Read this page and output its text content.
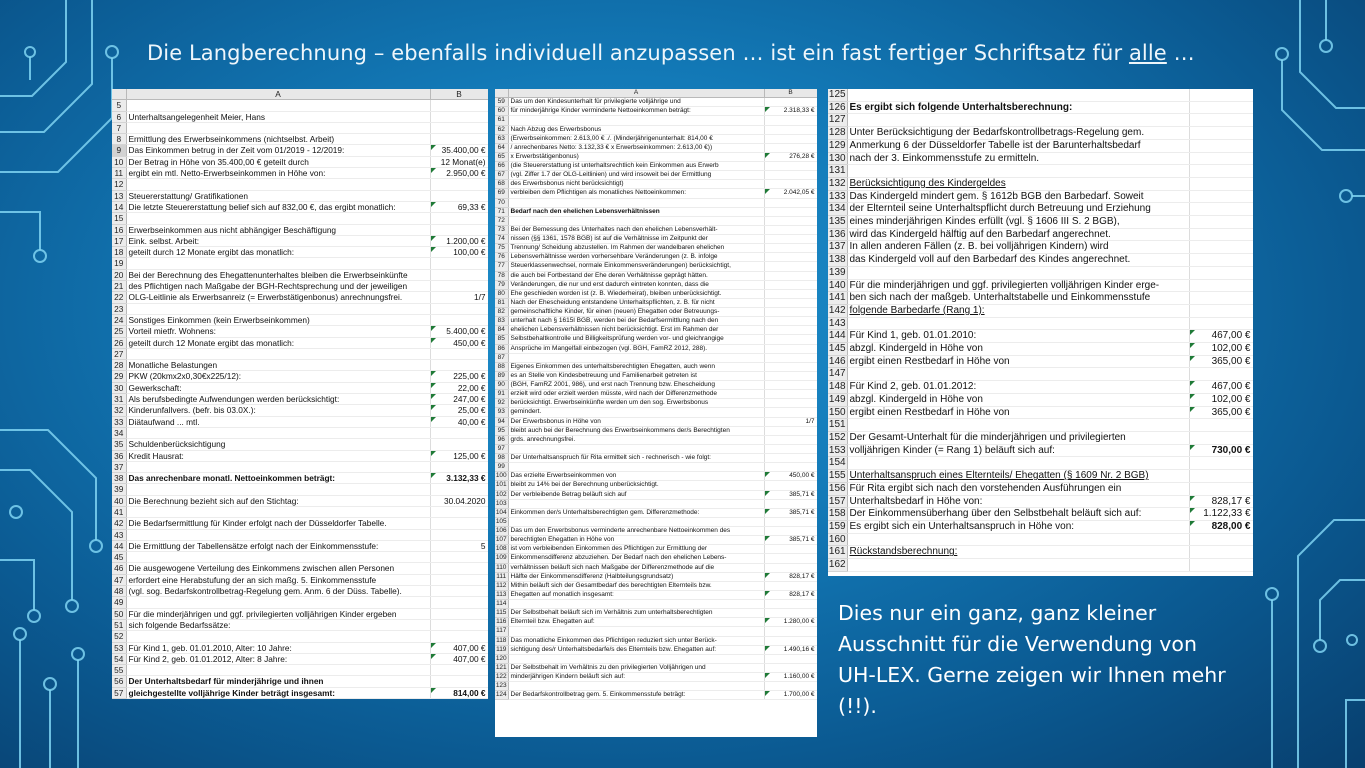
Die Langberechnung – ebenfalls individuell anzupassen … ist ein fast fertiger Schriftsatz für alle …
	A	B
5		
6	Unterhaltsangelegenheit Meier, Hans	
7		
8	Ermittlung des Erwerbseinkommens (nichtselbst. Arbeit)	
9	Das Einkommen betrug in der Zeit vom 01/2019 - 12/2019:	35.400,00 €
10	Der Betrag in Höhe von 35.400,00 € geteilt durch	12 Monat(e)
11	ergibt ein mtl. Netto-Erwerbseinkommen in Höhe von:	2.950,00 €
12		
13	Steuererstattung/ Gratifikationen	
14	Die letzte Steuererstattung belief sich auf 832,00 €, das ergibt monatlich:	69,33 €
15		
16	Erwerbseinkommen aus nicht abhängiger Beschäftigung	
17	Eink. selbst. Arbeit:	1.200,00 €
18	geteilt durch 12 Monate ergibt das monatlich:	100,00 €
19		
20	Bei der Berechnung des Ehegattenunterhaltes bleiben die Erwerbseinkünfte	
21	des Pflichtigen nach Maßgabe der BGH-Rechtsprechung und der jeweiligen	
22	OLG-Leitlinie als Erwerbsanreiz (= Erwerbstätigenbonus) anrechnungsfrei.	1/7
23		
24	Sonstiges Einkommen (kein Erwerbseinkommen)	
25	Vorteil mietfr. Wohnens:	5.400,00 €
26	geteilt durch 12 Monate ergibt das monatlich:	450,00 €
27		
28	Monatliche Belastungen	
29	PKW (20kmx2x0,30€x225/12):	225,00 €
30	Gewerkschaft:	22,00 €
31	Als berufsbedingte Aufwendungen werden berücksichtigt:	247,00 €
32	Kinderunfallvers. (befr. bis 03.0X.):	25,00 €
33	Diätaufwand ... mtl.	40,00 €
34		
35	Schuldenberücksichtigung	
36	Kredit Hausrat:	125,00 €
37		
38	Das anrechenbare monatl. Nettoeinkommen beträgt:	3.132,33 €
39		
40	Die Berechnung bezieht sich auf den Stichtag:	30.04.2020
41		
42	Die Bedarfsermittlung für Kinder erfolgt nach der Düsseldorfer Tabelle.	
43		
44	Die Ermittlung der Tabellensätze erfolgt nach der Einkommensstufe:	5
45		
46	Die ausgewogene Verteilung des Einkommens zwischen allen Personen	
47	erfordert eine Herabstufung der an sich maßg. 5. Einkommensstufe	
48	(vgl. sog. Bedarfskontrollbetrag-Regelung gem. Anm. 6 der Düss. Tabelle).	
49		
50	Für die minderjährigen und ggf. privilegierten volljährigen Kinder ergeben	
51	sich folgende Bedarfssätze:	
52		
53	Für Kind 1, geb. 01.01.2010, Alter: 10 Jahre:	407,00 €
54	Für Kind 2, geb. 01.01.2012, Alter: 8 Jahre:	407,00 €
55		
56	Der Unterhaltsbedarf für minderjährige und ihnen	
57	gleichgestellte volljährige Kinder beträgt insgesamt:	814,00 €
	A	B
59	Das um den Kindesunterhalt für privilegierte volljährige und	
60	für minderjährige Kinder verminderte Nettoeinkommen beträgt:	2.318,33 €
61		
62	Nach Abzug des Erwerbsbonus	
63	(Erwerbseinkommen: 2.613,00 € ./. (Minderjährigenunterhalt: 814,00 €	
64	/ anrechenbares Netto: 3.132,33 € x Erwerbseinkommen: 2.613,00 €))	
65	x Erwerbstätigenbonus)	276,28 €
66	(die Steuererstattung ist unterhaltsrechtlich kein Einkommen aus Erwerb	
67	(vgl. Ziffer 1.7 der OLG-Leitlinien) und wird insoweit bei der Ermittlung	
68	des Erwerbsbonus nicht berücksichtigt)	
69	verbleiben dem Pflichtigen als monatliches Nettoeinkommen:	2.042,05 €
70		
71	Bedarf nach den ehelichen Lebensverhältnissen	
72		
73	Bei der Bemessung des Unterhaltes nach den ehelichen Lebensverhält-	
74	nissen (§§ 1361, 1578 BGB) ist auf die Verhältnisse im Zeitpunkt der	
75	Trennung/ Scheidung abzustellen. Im Rahmen der wandelbaren ehelichen	
76	Lebensverhältnisse werden vorhersehbare Veränderungen (z. B. infolge	
77	Steuerklassenwechsel, normale Einkommensveränderungen) berücksichtigt,	
78	die auch bei Fortbestand der Ehe deren Verhältnisse geprägt hätten.	
79	Veränderungen, die nur und erst dadurch eintreten konnten, dass die	
80	Ehe geschieden worden ist (z. B. Wiederheirat), bleiben unberücksichtigt.	
81	Nach der Ehescheidung entstandene Unterhaltspflichten, z. B. für nicht	
82	gemeinschaftliche Kinder, für einen (neuen) Ehegatten oder Betreuungs-	
83	unterhalt nach § 1615l BGB, werden bei der Bedarfsermittlung nach den	
84	ehelichen Lebensverhältnissen nicht berücksichtigt. Erst im Rahmen der	
85	Selbstbehaltkontrolle und Billigkeitsprüfung werden vor- und gleichrangige	
86	Ansprüche im Mangelfall einbezogen (vgl. BGH, FamRZ 2012, 288).	
87		
88	Eigenes Einkommen des unterhaltsberechtigten Ehegatten, auch wenn	
89	es an Stelle von Kindesbetreuung und Familienarbeit getreten ist	
90	(BGH, FamRZ 2001, 986), und erst nach Trennung bzw. Ehescheidung	
91	erzielt wird oder erzielt werden müsste, wird nach der Differenzmethode	
92	berücksichtigt. Erwerbseinkünfte werden um den sog. Erwerbsbonus	
93	gemindert.	
94	Der Erwerbsbonus in Höhe von	1/7
95	bleibt auch bei der Berechnung des Erwerbseinkommens der/s Berechtigten	
96	grds. anrechnungsfrei.	
97		
98	Der Unterhaltsanspruch für Rita ermittelt sich - rechnerisch - wie folgt:	
99		
100	Das erzielte Erwerbseinkommen von	450,00 €
101	bleibt zu 14% bei der Berechnung unberücksichtigt.	
102	Der verbleibende Betrag beläuft sich auf	385,71 €
103		
104	Einkommen der/s Unterhaltsberechtigten gem. Differenzmethode:	385,71 €
105		
106	Das um den Erwerbsbonus verminderte anrechenbare Nettoeinkommen des	
107	berechtigten Ehegatten in Höhe von	385,71 €
108	ist vom verbleibenden Einkommen des Pflichtigen zur Ermittlung der	
109	Einkommensdifferenz abzuziehen. Der Bedarf nach den ehelichen Lebens-	
110	verhältnissen beläuft sich nach Maßgabe der Differenzmethode auf die	
111	Hälfte der Einkommensdifferenz (Halbteilungsgrundsatz)	828,17 €
112	Mithin beläuft sich der Gesamtbedarf des berechtigten Elternteils bzw.	
113	Ehegatten auf monatlich insgesamt:	828,17 €
114		
115	Der Selbstbehalt beläuft sich im Verhältnis zum unterhaltsberechtigten	
116	Elternteil bzw. Ehegatten auf:	1.280,00 €
117		
118	Das monatliche Einkommen des Pflichtigen reduziert sich unter Berück-	
119	sichtigung des/r Unterhaltsbedarfe/s des Elternteils bzw. Ehegatten auf:	1.490,16 €
120		
121	Der Selbstbehalt im Verhältnis zu den privilegierten Volljährigen und	
122	minderjährigen Kindern beläuft sich auf:	1.160,00 €
123		
124	Der Bedarfskontrollbetrag gem. 5. Einkommensstufe beträgt:	1.700,00 €
125		
126	Es ergibt sich folgende Unterhaltsberechnung:	
127		
128	Unter Berücksichtigung der Bedarfskontrollbetrags-Regelung gem.	
129	Anmerkung 6 der Düsseldorfer Tabelle ist der Barunterhaltsbedarf	
130	nach der 3. Einkommensstufe zu ermitteln.	
131		
132	Berücksichtigung des Kindergeldes	
133	Das Kindergeld mindert gem. § 1612b BGB den Barbedarf. Soweit	
134	der Elternteil seine Unterhaltspflicht durch Betreuung und Erziehung	
135	eines minderjährigen Kindes erfüllt (vgl. § 1606 III S. 2 BGB),	
136	wird das Kindergeld hälftig auf den Barbedarf angerechnet.	
137	In allen anderen Fällen (z. B. bei volljährigen Kindern) wird	
138	das Kindergeld voll auf den Barbedarf des Kindes angerechnet.	
139		
140	Für die minderjährigen und ggf. privilegierten volljährigen Kinder erge-	
141	ben sich nach der maßgeb. Unterhaltstabelle und Einkommensstufe	
142	folgende Barbedarfe (Rang 1):	
143		
144	Für Kind 1, geb. 01.01.2010:	467,00 €
145	abzgl. Kindergeld in Höhe von	102,00 €
146	ergibt einen Restbedarf in Höhe von	365,00 €
147		
148	Für Kind 2, geb. 01.01.2012:	467,00 €
149	abzgl. Kindergeld in Höhe von	102,00 €
150	ergibt einen Restbedarf in Höhe von	365,00 €
151		
152	Der Gesamt-Unterhalt für die minderjährigen und privilegierten	
153	volljährigen Kinder (= Rang 1) beläuft sich auf:	730,00 €
154		
155	Unterhaltsanspruch eines Elternteils/ Ehegatten (§ 1609 Nr. 2 BGB)	
156	Für Rita ergibt sich nach den vorstehenden Ausführungen ein	
157	Unterhaltsbedarf in Höhe von:	828,17 €
158	Der Einkommensüberhang über den Selbstbehalt beläuft sich auf:	1.122,33 €
159	Es ergibt sich ein Unterhaltsanspruch in Höhe von:	828,00 €
160		
161	Rückstandsberechnung:	
162		
Dies nur ein ganz, ganz kleiner Ausschnitt für die Verwendung von UH-LEX. Gerne zeigen wir Ihnen mehr (!!).
